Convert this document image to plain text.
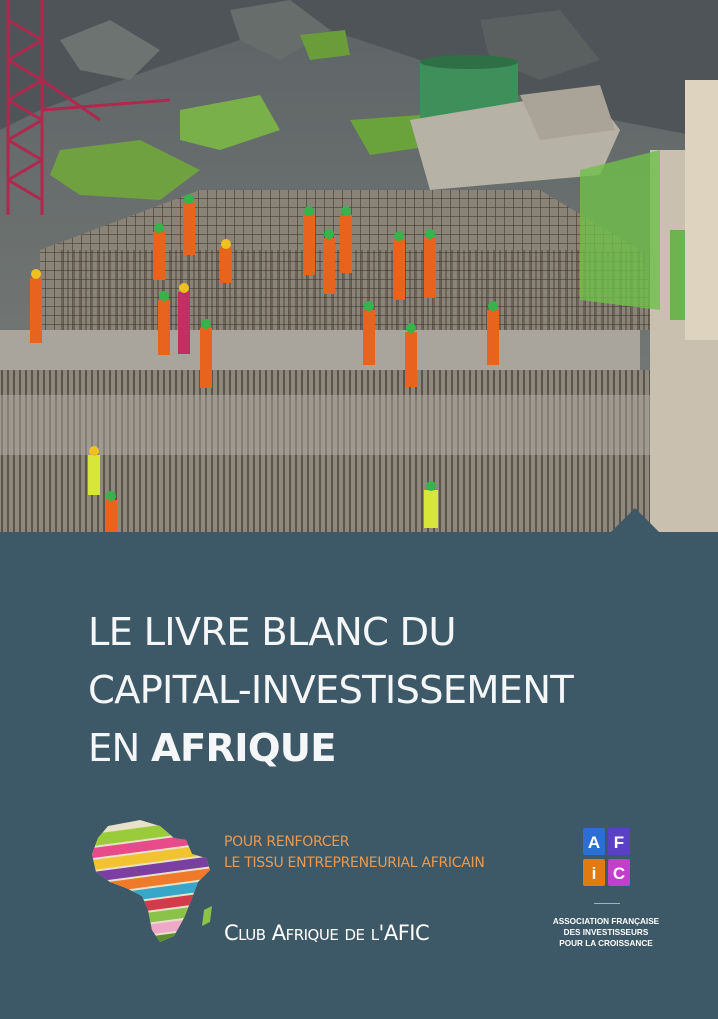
LE LIVRE BLANC DU
CAPITAL-INVESTISSEMENT
EN AFRIQUE
POUR RENFORCER
LE TISSU ENTREPRENEURIAL AFRICAIN
Club Afrique de l'AFIC
A F
i C
ASSOCIATION FRANÇAISE
DES INVESTISSEURS
POUR LA CROISSANCE
